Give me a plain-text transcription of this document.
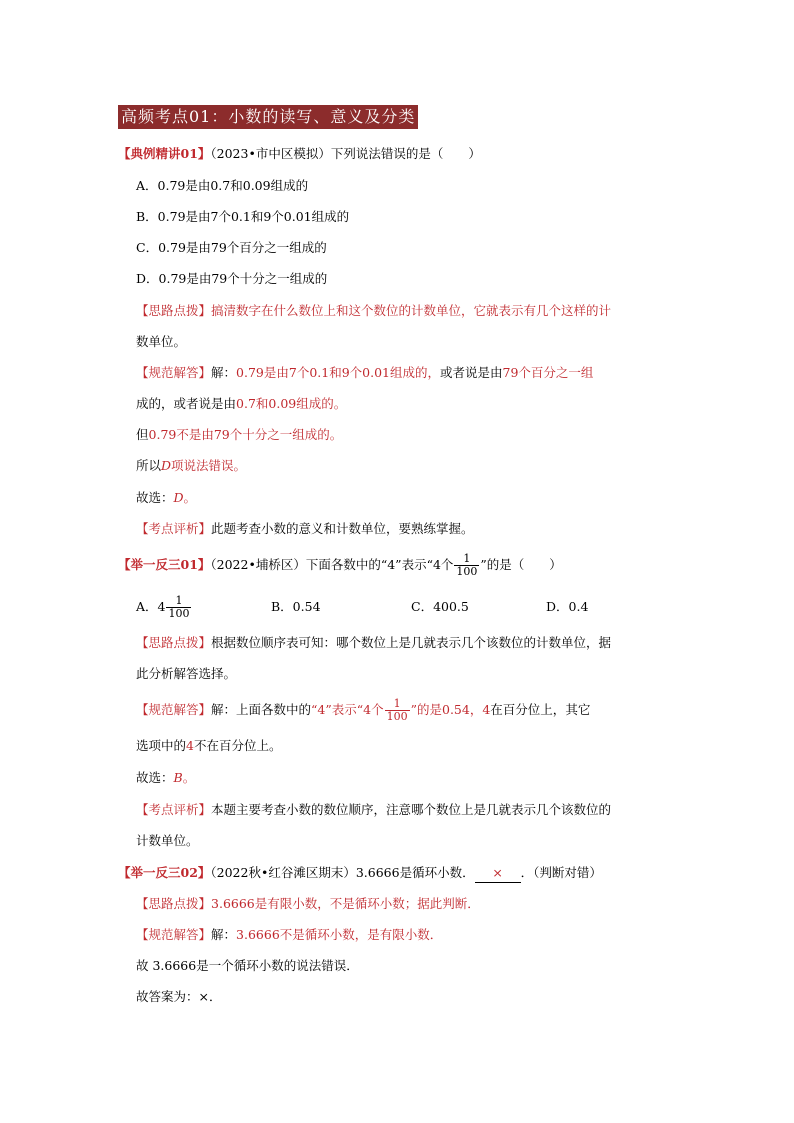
高频考点01：小数的读写、意义及分类
【典例精讲01】（2023•市中区模拟）下列说法错误的是（　　）
A．0.79是由0.7和0.09组成的
B．0.79是由7个0.1和9个0.01组成的
C．0.79是由79个百分之一组成的
D．0.79是由79个十分之一组成的
【思路点拨】搞清数字在什么数位上和这个数位的计数单位，它就表示有几个这样的计
数单位。
【规范解答】解：0.79是由7个0.1和9个0.01组成的，或者说是由79个百分之一组
成的，或者说是由0.7和0.09组成的。
但0.79不是由79个十分之一组成的。
所以D项说法错误。
故选：D。
【考点评析】此题考查小数的意义和计数单位，要熟练掌握。
【举一反三01】（2022•埔桥区）下面各数中的“4”表示“4个 $\frac{1}{100}$ ”的是（　　）
A．$4 \frac{1}{100}$	B．0.54	C．400.5	D．0.4
【思路点拨】根据数位顺序表可知：哪个数位上是几就表示几个该数位的计数单位，据
此分析解答选择。
【规范解答】解：上面各数中的“4”表示“4个 $\frac{1}{100}$ ”的是0.54，4在百分位上，其它
选项中的4不在百分位上。
故选：B。
【考点评析】本题主要考查小数的数位顺序，注意哪个数位上是几就表示几个该数位的
计数单位。
【举一反三02】（2022秋•红谷滩区期末）3.6666是循环小数． × ．（判断对错）
【思路点拨】3.6666是有限小数，不是循环小数；据此判断．
【规范解答】解：3.6666不是循环小数，是有限小数．
故 3.6666是一个循环小数的说法错误．
故答案为：×．
